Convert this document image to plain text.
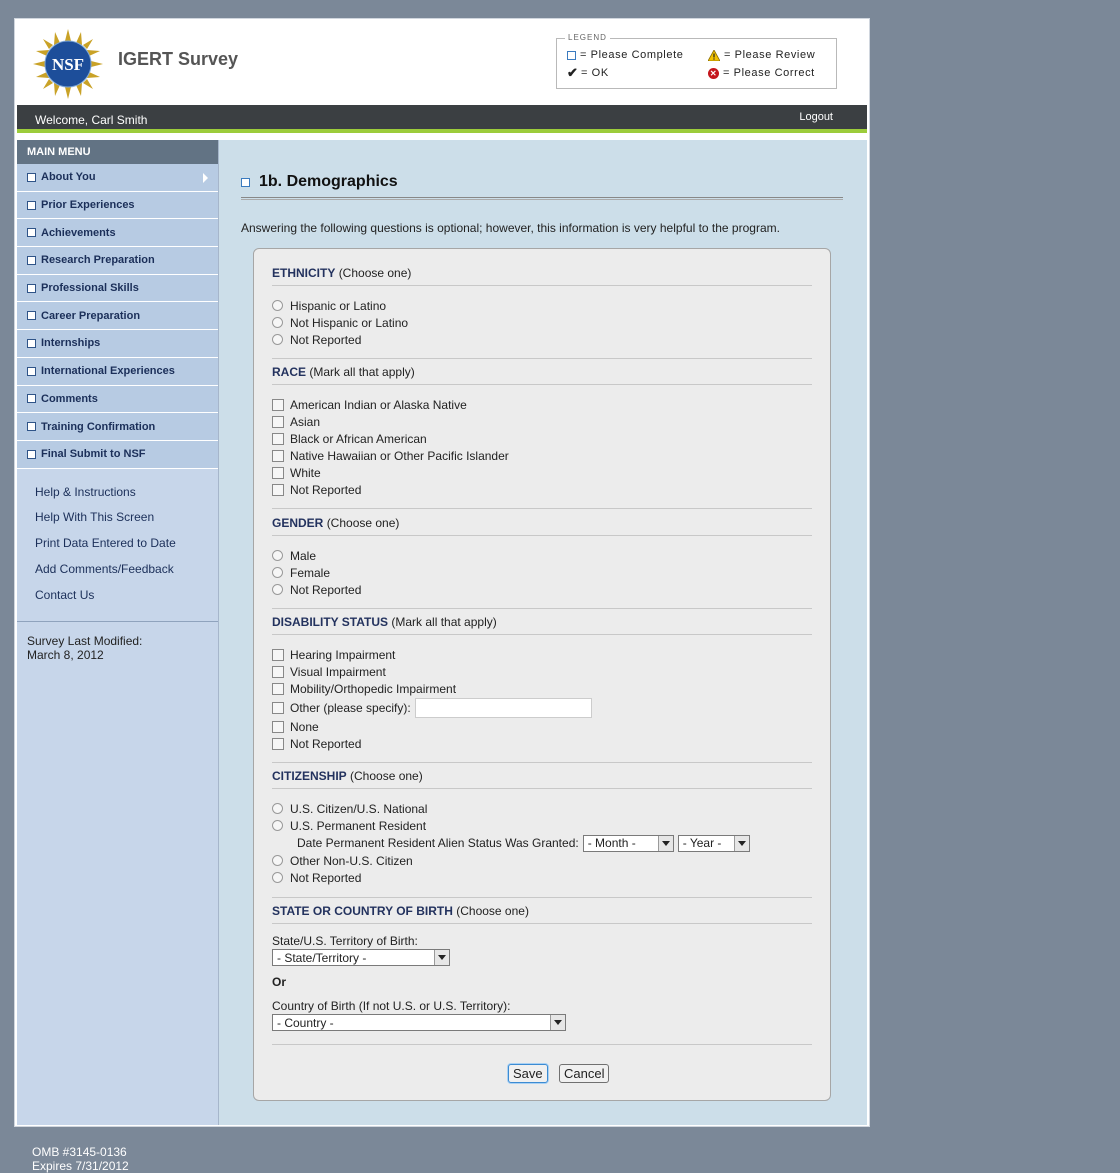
NSF IGERT Survey
LEGEND
= Please Complete	= Please Review
✔ = OK	✕ = Please Correct
Welcome, Carl Smith	Logout
MAIN MENU
About You
Prior Experiences
Achievements
Research Preparation
Professional Skills
Career Preparation
Internships
International Experiences
Comments
Training Confirmation
Final Submit to NSF
Help & Instructions
Help With This Screen
Print Data Entered to Date
Add Comments/Feedback
Contact Us
Survey Last Modified:
March 8, 2012
1b. Demographics
Answering the following questions is optional; however, this information is very helpful to the program.
ETHNICITY (Choose one)
Hispanic or Latino
Not Hispanic or Latino
Not Reported
RACE (Mark all that apply)
American Indian or Alaska Native
Asian
Black or African American
Native Hawaiian or Other Pacific Islander
White
Not Reported
GENDER (Choose one)
Male
Female
Not Reported
DISABILITY STATUS (Mark all that apply)
Hearing Impairment
Visual Impairment
Mobility/Orthopedic Impairment
Other (please specify):
None
Not Reported
CITIZENSHIP (Choose one)
U.S. Citizen/U.S. National
U.S. Permanent Resident
Date Permanent Resident Alien Status Was Granted: - Month -	- Year -
Other Non-U.S. Citizen
Not Reported
STATE OR COUNTRY OF BIRTH (Choose one)
State/U.S. Territory of Birth:
- State/Territory -
Or
Country of Birth (If not U.S. or U.S. Territory):
- Country -
Save	Cancel
OMB #3145-0136
Expires 7/31/2012
